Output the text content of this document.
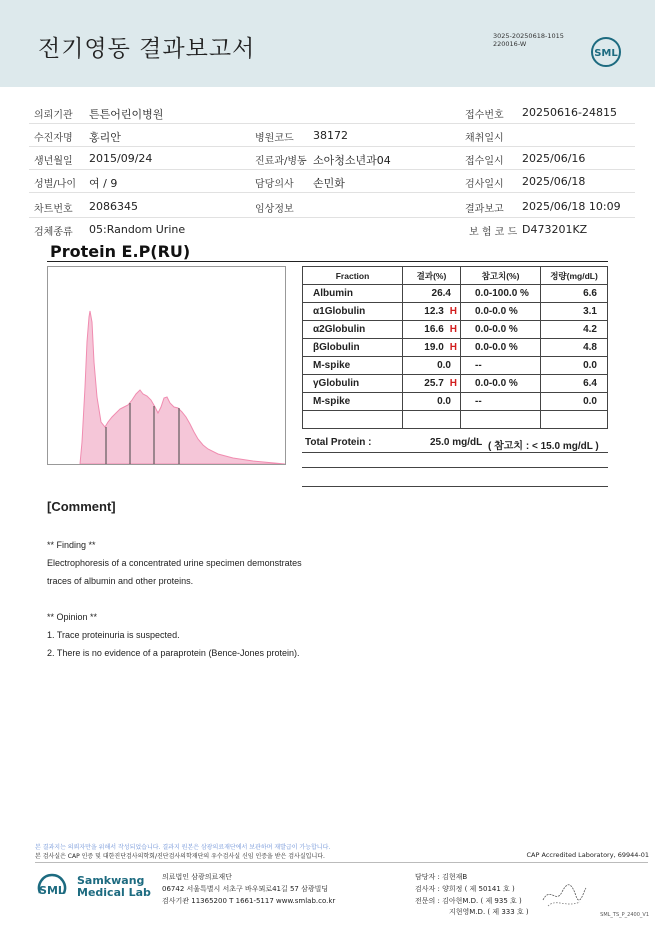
전기영동 결과보고서	3025-20250618-1015
220016-W
SML
의뢰기관 튼튼어린이병원	접수번호 20250616-24815
수진자명 홍리안	병원코드 38172	채취일시
생년월일 2015/09/24	진료과/병동 소아청소년과04	접수일시 2025/06/16
성별/나이 여 / 9	담당의사 손민화	검사일시 2025/06/18
차트번호 2086345	임상정보	결과보고 2025/06/18 10:09
검체종류 05:Random Urine	보 험 코 드 D473201KZ
Protein E.P(RU)
Fraction	결과(%)	참고치(%)	정량(mg/dL)
Albumin	26.4	0.0-100.0 %	6.6
α1Globulin	12.3 H	0.0-0.0 %	3.1
α2Globulin	16.6 H	0.0-0.0 %	4.2
βGlobulin	19.0 H	0.0-0.0 %	4.8
M-spike	0.0	--	0.0
γGlobulin	25.7 H	0.0-0.0 %	6.4
M-spike	0.0	--	0.0

Total Protein :	25.0 mg/dL ( 참고치 : < 15.0 mg/dL )
[Comment]
** Finding **
Electrophoresis of a concentrated urine specimen demonstrates
traces of albumin and other proteins.
** Opinion **
1. Trace proteinuria is suspected.
2. There is no evidence of a paraprotein (Bence-Jones protein).
본 결과지는 의뢰자만을 위해서 작성되었습니다. 결과지 원본은 삼광의료재단에서 보관하며 재발급이 가능합니다.
본 검사실은 CAP 인증 및 대한진단검사의학회/진단검사의학재단의 우수검사실 신임 인증을 받은 검사실입니다.	CAP Accredited Laboratory, 69944-01
SML
Samkwang
Medical Lab
의료법인 삼광의료재단
06742 서울특별시 서초구 바우뫼로41길 57 삼광빌딩
검사기관 11365200 T 1661-5117 www.smlab.co.kr
담당자 : 김현재B
검사자 : 양희정 ( 제 50141 호 )
전문의 : 김아현M.D. ( 제 935 호 )
지현영M.D. ( 제 333 호 )	SML_TS_P_2400_V1
